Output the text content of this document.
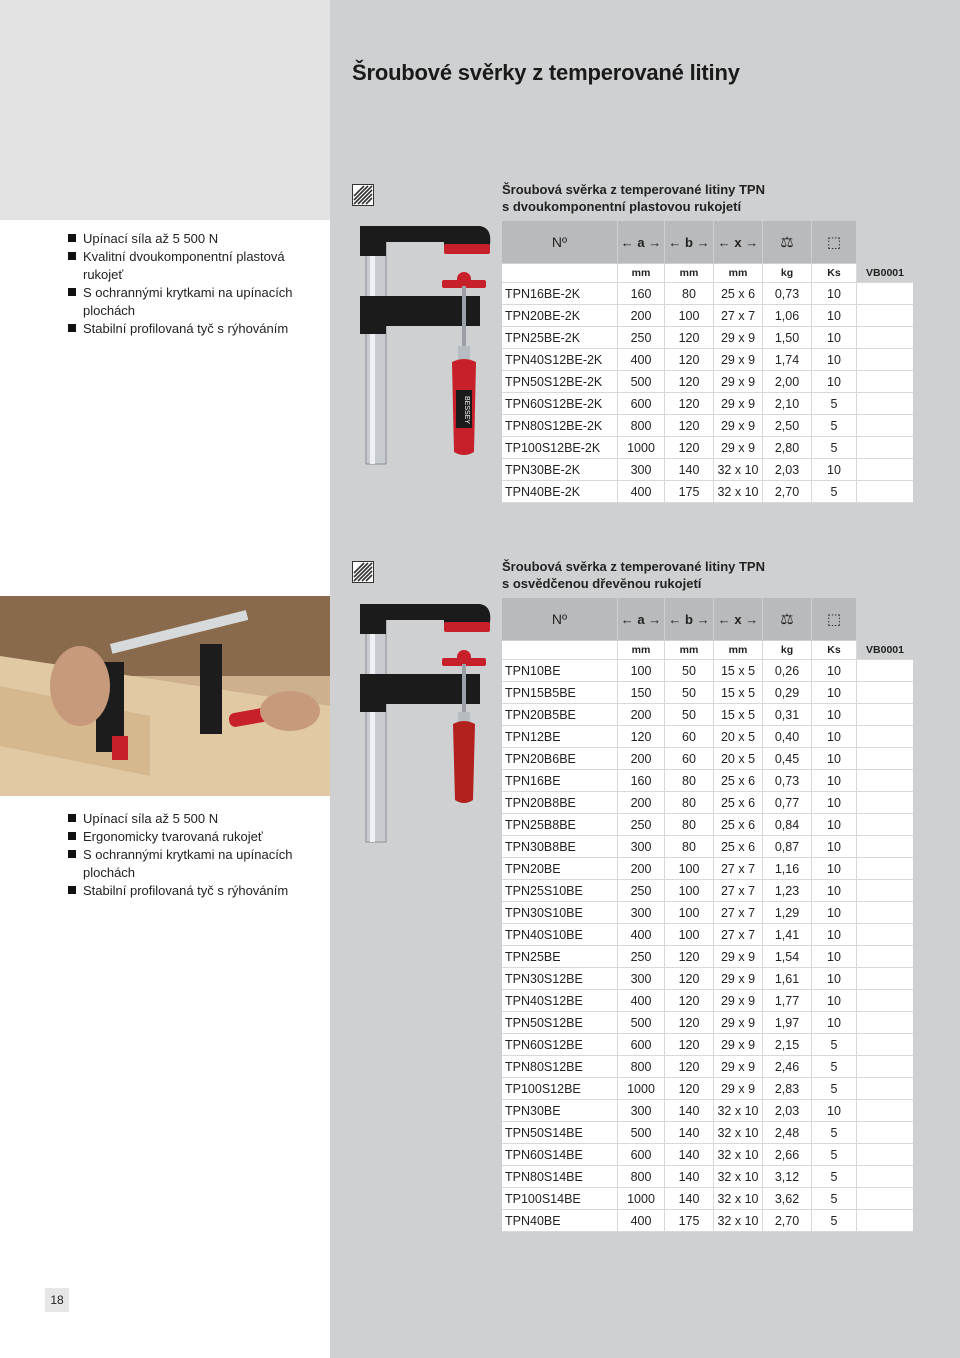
Šroubové svěrky z temperované litiny
Šroubová svěrka z temperované litiny TPN
s dvoukomponentní plastovou rukojetí
Upínací síla až 5 500 N
Kvalitní dvoukomponentní plastová rukojeť
S ochrannými krytkami na upínacích plochách
Stabilní profilovaná tyč s rýhováním
BESSEY
Nº	← a →	← b →	← x →	⚖	⬚	
	mm	mm	mm	kg	Ks	VB0001
TPN16BE-2K	160	80	25 x 6	0,73	10	
TPN20BE-2K	200	100	27 x 7	1,06	10	
TPN25BE-2K	250	120	29 x 9	1,50	10	
TPN40S12BE-2K	400	120	29 x 9	1,74	10	
TPN50S12BE-2K	500	120	29 x 9	2,00	10	
TPN60S12BE-2K	600	120	29 x 9	2,10	5	
TPN80S12BE-2K	800	120	29 x 9	2,50	5	
TP100S12BE-2K	1000	120	29 x 9	2,80	5	
TPN30BE-2K	300	140	32 x 10	2,03	10	
TPN40BE-2K	400	175	32 x 10	2,70	5	
Šroubová svěrka z temperované litiny TPN
s osvědčenou dřevěnou rukojetí
Upínací síla až 5 500 N
Ergonomicky tvarovaná rukojeť
S ochrannými krytkami na upínacích plochách
Stabilní profilovaná tyč s rýhováním
Nº	← a →	← b →	← x →	⚖	⬚	
	mm	mm	mm	kg	Ks	VB0001
TPN10BE	100	50	15 x 5	0,26	10	
TPN15B5BE	150	50	15 x 5	0,29	10	
TPN20B5BE	200	50	15 x 5	0,31	10	
TPN12BE	120	60	20 x 5	0,40	10	
TPN20B6BE	200	60	20 x 5	0,45	10	
TPN16BE	160	80	25 x 6	0,73	10	
TPN20B8BE	200	80	25 x 6	0,77	10	
TPN25B8BE	250	80	25 x 6	0,84	10	
TPN30B8BE	300	80	25 x 6	0,87	10	
TPN20BE	200	100	27 x 7	1,16	10	
TPN25S10BE	250	100	27 x 7	1,23	10	
TPN30S10BE	300	100	27 x 7	1,29	10	
TPN40S10BE	400	100	27 x 7	1,41	10	
TPN25BE	250	120	29 x 9	1,54	10	
TPN30S12BE	300	120	29 x 9	1,61	10	
TPN40S12BE	400	120	29 x 9	1,77	10	
TPN50S12BE	500	120	29 x 9	1,97	10	
TPN60S12BE	600	120	29 x 9	2,15	5	
TPN80S12BE	800	120	29 x 9	2,46	5	
TP100S12BE	1000	120	29 x 9	2,83	5	
TPN30BE	300	140	32 x 10	2,03	10	
TPN50S14BE	500	140	32 x 10	2,48	5	
TPN60S14BE	600	140	32 x 10	2,66	5	
TPN80S14BE	800	140	32 x 10	3,12	5	
TP100S14BE	1000	140	32 x 10	3,62	5	
TPN40BE	400	175	32 x 10	2,70	5	
18
